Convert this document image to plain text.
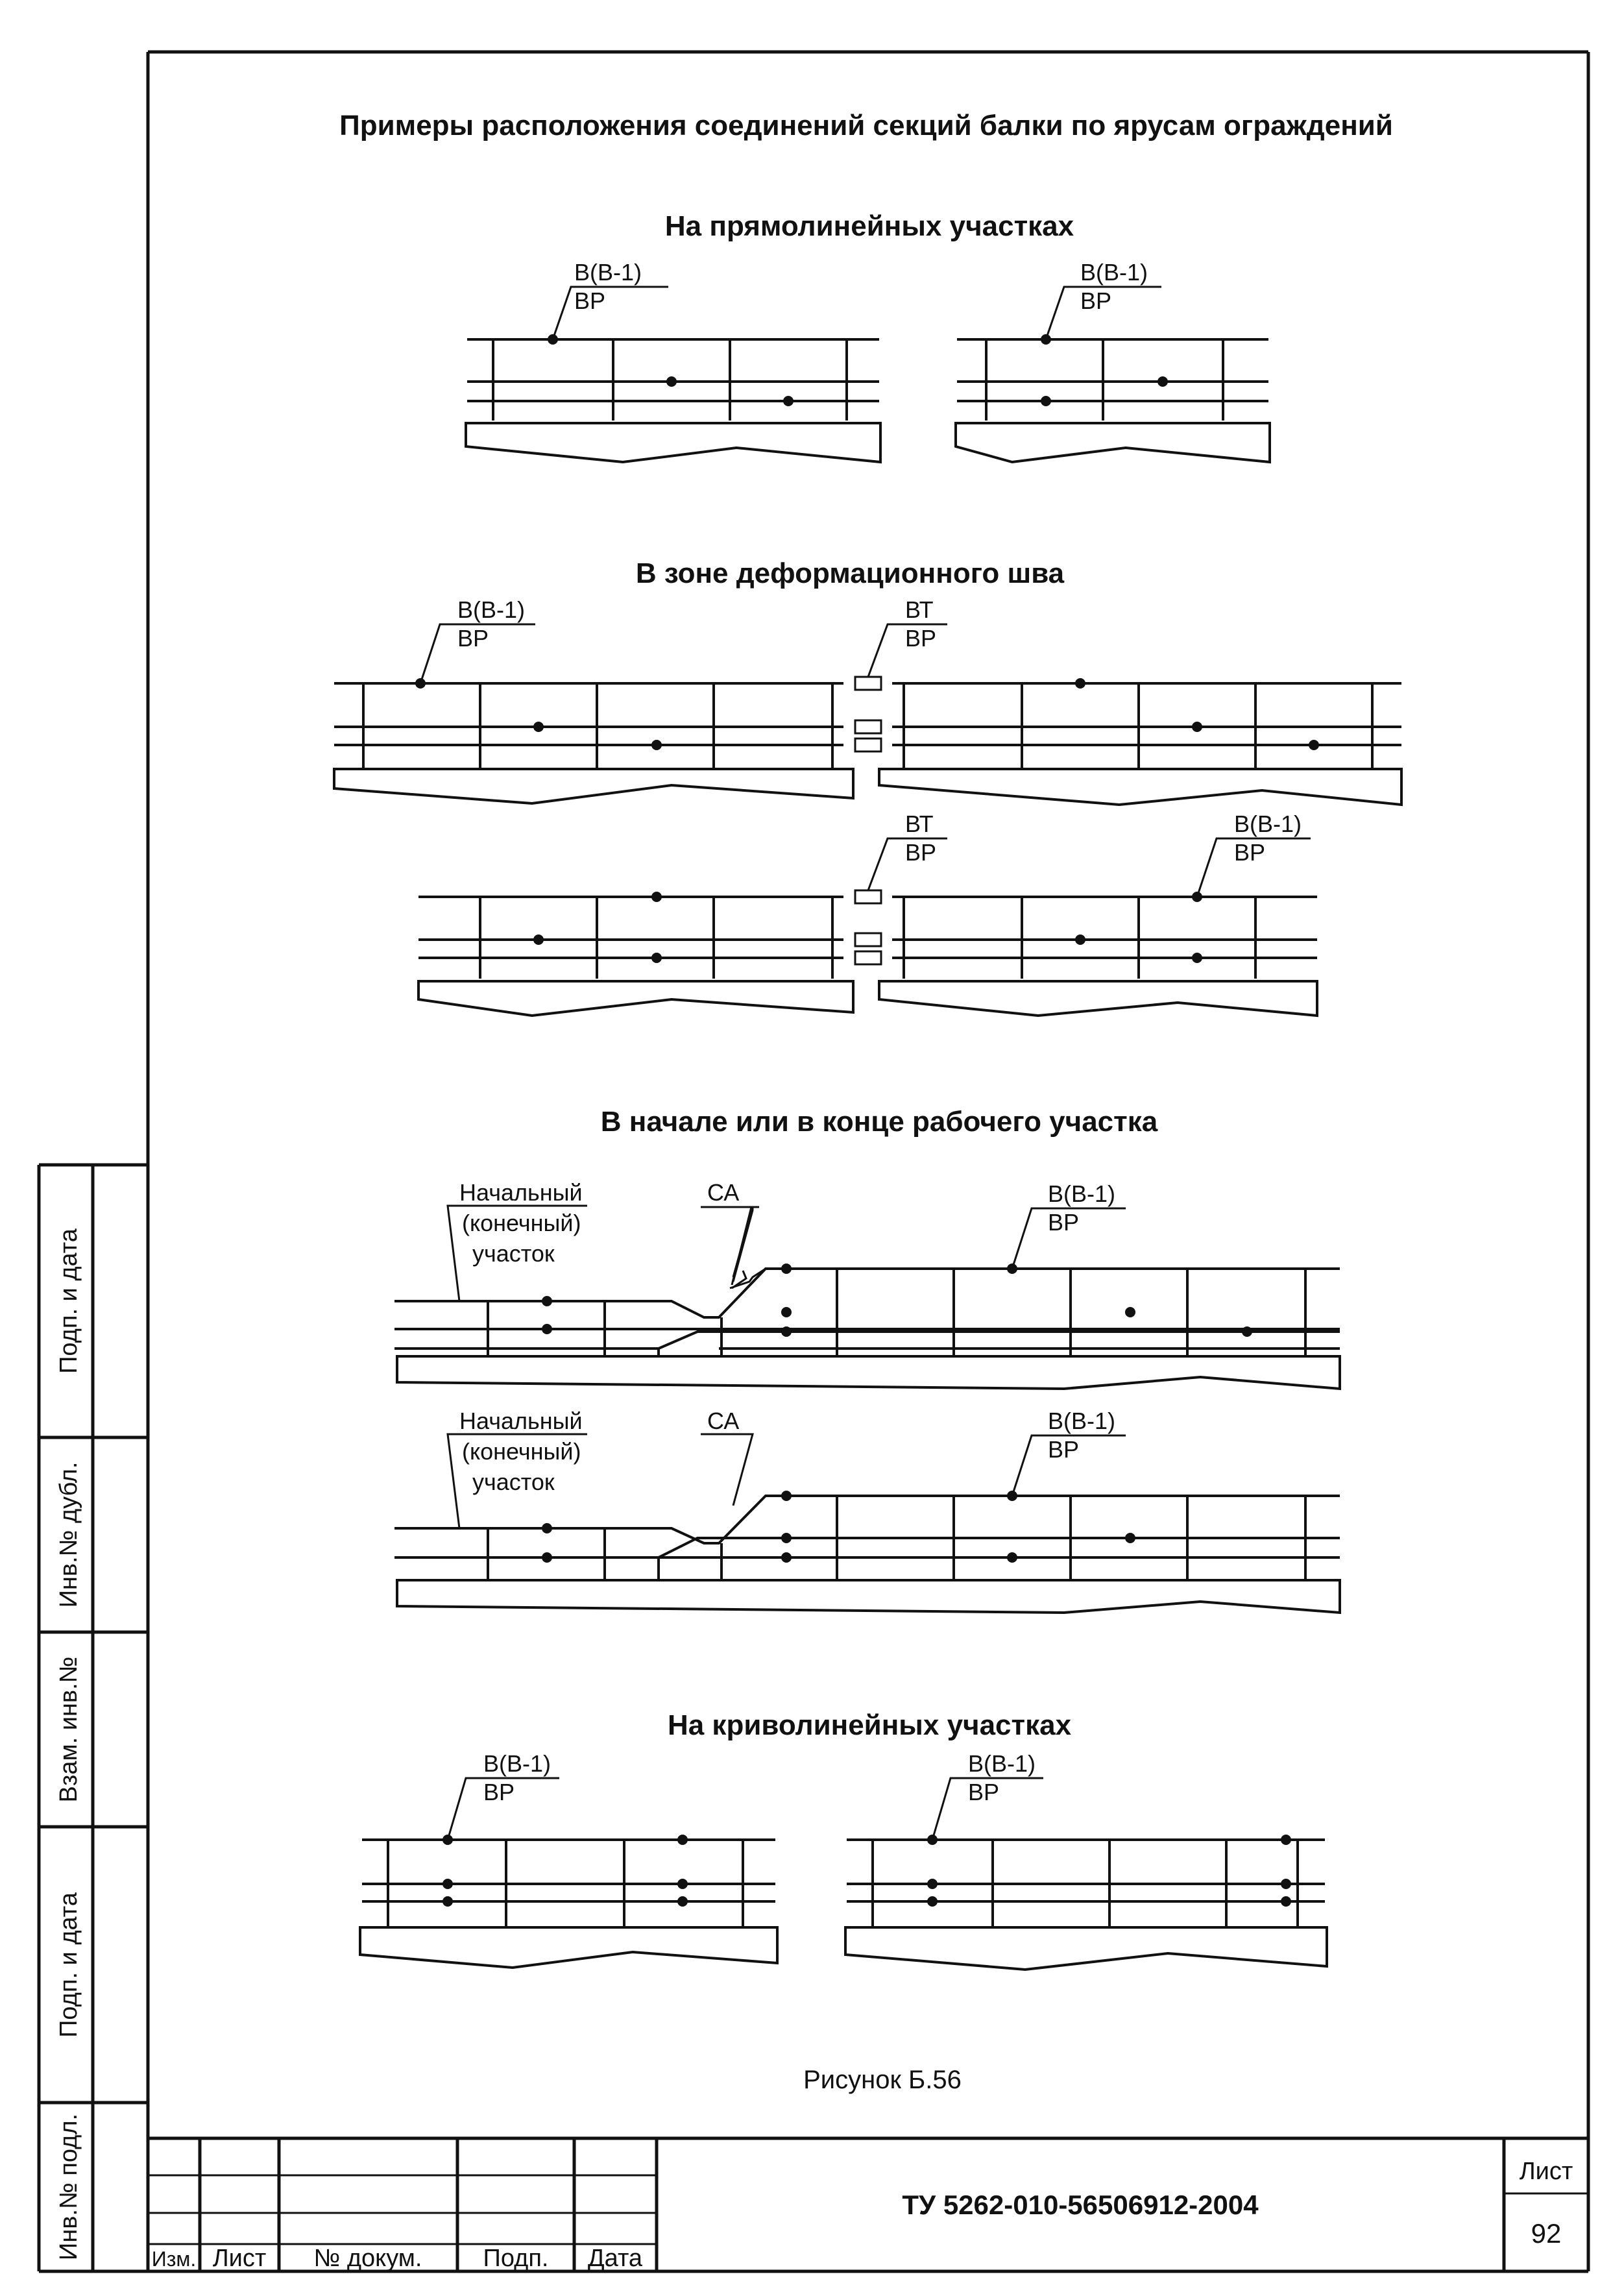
Подп. и дата
Инв.№ дубл.
Взам. инв.№
Подп. и дата
Инв.№ подл.	Изм. Лист № докум. Подп. Дата
ТУ 5262-010-56506912-2004
Лист
92
Примеры расположения соединений секций балки по ярусам ограждений
На прямолинейных участках
В зоне деформационного шва
В начале или в конце рабочего участка
На криволинейных участках
В(В-1)
ВР
В(В-1)
ВР
В(В-1)
ВР
ВТ
ВР
ВТ
ВР
В(В-1)
ВР
Начальный
(конечный)
участок
СА	В(В-1)
ВР
Начальный
(конечный)
участок
СА	В(В-1)
ВР
В(В-1)
ВР
В(В-1)
ВР
Рисунок Б.56
